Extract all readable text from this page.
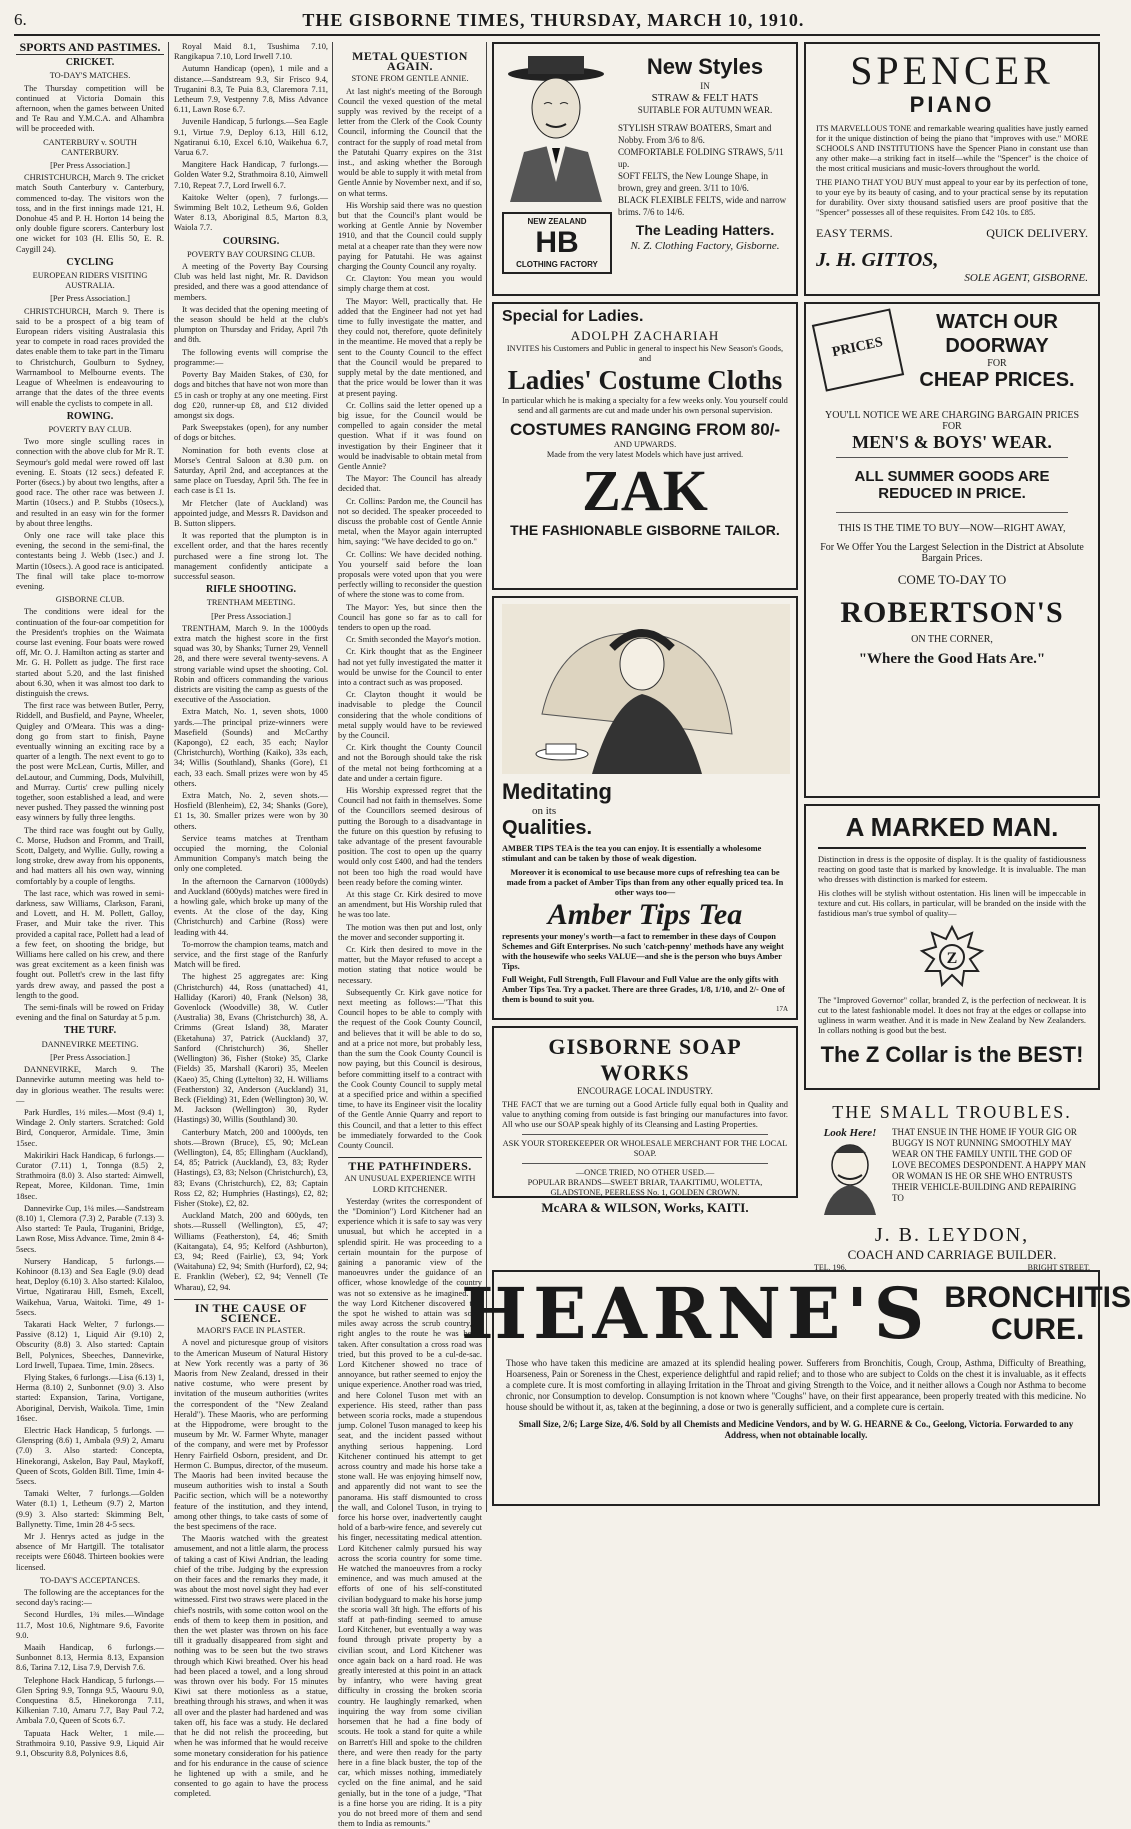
6.	THE GISBORNE TIMES, THURSDAY, MARCH 10, 1910.
SPORTS AND PASTIMES.
CRICKET.
TO-DAY'S MATCHES.

The Thursday competition will be continued at Victoria Domain this afternoon, when the games between United and Te Rau and Y.M.C.A. and Alhambra will be proceeded with.

CANTERBURY v. SOUTH CANTERBURY.
[Per Press Association.]

CHRISTCHURCH, March 9. The cricket match South Canterbury v. Canterbury, commenced to-day. The visitors won the toss, and in the first innings made 121, H. Donohue 45 and P. H. Horton 14 being the only double figure scorers. Canterbury lost one wicket for 103 (H. Ellis 50, E. R. Caygill 24).

CYCLING
EUROPEAN RIDERS VISITING AUSTRALIA.
[Per Press Association.]

CHRISTCHURCH, March 9. There is said to be a prospect of a big team of European riders visiting Australasia this year to compete in road races provided the dates enable them to take part in the Timaru to Christchurch, Goulburn to Sydney, Warrnambool to Melbourne events. The League of Wheelmen is endeavouring to arrange that the dates of the three events will enable the cyclists to compete in all.

ROWING.
POVERTY BAY CLUB.

Two more single sculling races in connection with the above club for Mr R. T. Seymour's gold medal were rowed off last evening. E. Stoats (12 secs.) defeated F. Porter (6secs.) by about two lengths, after a good race. The other race was between J. Martin (10secs.) and P. Stubbs (10secs.), and resulted in an easy win for the former by about three lengths.

Only one race will take place this evening, the second in the semi-final, the contestants being J. Webb (1sec.) and J. Martin (10secs.). A good race is anticipated. The final will take place to-morrow evening.

GISBORNE CLUB.

The conditions were ideal for the continuation of the four-oar competition for the President's trophies on the Waimata course last evening. Four boats were rowed off, Mr. O. J. Hamilton acting as starter and Mr. G. H. Pollett as judge. The first race started about 5.20, and the last finished about 6.30, when it was almost too dark to distinguish the crews.

The first race was between Butler, Perry, Riddell, and Busfield, and Payne, Wheeler, Quigley and O'Meara. This was a ding-dong go from start to finish, Payne eventually winning an exciting race by a quarter of a length. The next event to go to the post were McLean, Curtis, Miller, and deLautour, and Cumming, Dods, Mulvihill, and Murray. Curtis' crew pulling nicely together, soon established a lead, and were never pushed. They passed the winning post easy winners by fully three lengths.

The third race was fought out by Gully, C. Morse, Hudson and Fromm, and Traill, Scott, Dalgety, and Wyllie. Gully, rowing a long stroke, drew away from his opponents, and had matters all his own way, winning comfortably by a couple of lengths.

The last race, which was rowed in semi-darkness, saw Williams, Clarkson, Farani, and Lovett, and H. M. Pollett, Galloy, Fraser, and Muir take the river. This provided a capital race, Pollett had a lead of a few feet, on shooting the bridge, but Williams here called on his crew, and there was great excitement as a keen finish was fought out. Pollett's crew in the last fifty yards drew away, and passed the post a length to the good.

The semi-finals will be rowed on Friday evening and the final on Saturday at 5 p.m.

THE TURF.
DANNEVIRKE MEETING.
[Per Press Association.]

DANNEVIRKE, March 9. The Dannevirke autumn meeting was held to-day in glorious weather. The results were:—

Park Hurdles, 1½ miles.—Most (9.4) 1, Windage 2. Only starters. Scratched: Gold Bird, Conqueror, Armidale. Time, 3min 15sec.

Makirikiri Hack Handicap, 6 furlongs.—Curator (7.11) 1, Tonnga (8.5) 2, Strathmoira (8.0) 3. Also started: Aimwell, Repeat, Moree, Kildonan. Time, 1min 18sec.

Dannevirke Cup, 1¼ miles.—Sandstream (8.10) 1, Clemora (7.3) 2, Parable (7.13) 3. Also started: Te Paula, Truganini, Bridge, Lawn Rose, Miss Advance. Time, 2min 8 4-5secs.

Nursery Handicap, 5 furlongs.—Kohinoor (8.13) and Sea Eagle (9.0) dead heat, Deploy (6.10) 3. Also started: Kilaloo, Virtue, Ngatirarau Hill, Esmeh, Excell, Waikehua, Varua, Waitoki. Time, 49 1-5secs.

Takarati Hack Welter, 7 furlongs.—Passive (8.12) 1, Liquid Air (9.10) 2, Obscurity (8.8) 3. Also started: Captain Bell, Polynices, Sbeeches, Dannevirke, Lord Irwell, Tupaea. Time, 1min. 28secs.

Flying Stakes, 6 furlongs.—Lisa (6.13) 1, Herma (8.10) 2, Sunbonnet (9.0) 3. Also started: Expansion, Tarina, Vortigane, Aboriginal, Dervish, Waikola. Time, 1min 16sec.

Electric Hack Handicap, 5 furlongs. —Glenspring (8.6) 1, Ambala (9.9) 2, Amaru (7.0) 3. Also started: Concepta, Hinekorangi, Askelon, Bay Paul, Maykoff, Queen of Scots, Golden Bill. Time, 1min 4-5secs.

Tamaki Welter, 7 furlongs.—Golden Water (8.1) 1, Letheum (9.7) 2, Marton (9.9) 3. Also started: Skimming Belt, Ballynetty. Time, 1min 28 4-5 secs.

Mr J. Henrys acted as judge in the absence of Mr Hartgill. The totalisator receipts were £6048. Thirteen bookies were licensed.

TO-DAY'S ACCEPTANCES.

The following are the acceptances for the second day's racing:—

Second Hurdles, 1¾ miles.—Windage 11.7, Most 10.6, Nightmare 9.6, Favorite 9.0.

Maaih Handicap, 6 furlongs.—Sunbonnet 8.13, Hermia 8.13, Expansion 8.6, Tarina 7.12, Lisa 7.9, Dervish 7.6.

Telephone Hack Handicap, 5 furlongs.—Glen Spring 9.9, Tonnga 9.5, Waouru 9.0, Conquestina 8.5, Hinekoronga 7.11, Kilkenian 7.10, Amaru 7.7, Bay Paul 7.2, Ambala 7.0, Queen of Scots 6.7.

Tapuata Hack Welter, 1 mile.—Strathmoira 9.10, Passive 9.9, Liquid Air 9.1, Obscurity 8.8, Polynices 8.6,

Royal Maid 8.1, Tsushima 7.10, Rangikapua 7.10, Lord Irwell 7.10.

Autumn Handicap (open), 1 mile and a distance.—Sandstream 9.3, Sir Frisco 9.4, Truganini 8.3, Te Puia 8.3, Claremora 7.11, Letheum 7.9, Vestpenny 7.8, Miss Advance 6.11, Lawn Rose 6.7.

Juvenile Handicap, 5 furlongs.—Sea Eagle 9.1, Virtue 7.9, Deploy 6.13, Hill 6.12, Ngatiranui 6.10, Excel 6.10, Waikehua 6.7, Varua 6.7.

Mangitere Hack Handicap, 7 furlongs.—Golden Water 9.2, Strathmoira 8.10, Aimwell 7.10, Repeat 7.7, Lord Irwell 6.7.

Kaitoke Welter (open), 7 furlongs.—Swimming Belt 10.2, Letheum 9.6, Golden Water 8.13, Aboriginal 8.5, Marton 8.3, Waiola 7.7.

COURSING.
POVERTY BAY COURSING CLUB.

A meeting of the Poverty Bay Coursing Club was held last night, Mr. R. Davidson presided, and there was a good attendance of members.

It was decided that the opening meeting of the season should be held at the club's plumpton on Thursday and Friday, April 7th and 8th.

The following events will comprise the programme:—

Poverty Bay Maiden Stakes, of £30, for dogs and bitches that have not won more than £5 in cash or trophy at any one meeting. First dog £20, runner-up £8, and £12 divided amongst six dogs.

Park Sweepstakes (open), for any number of dogs or bitches.

Nomination for both events close at Morse's Central Saloon at 8.30 p.m. on Saturday, April 2nd, and acceptances at the same place on Tuesday, April 5th. The fee in each case is £1 1s.

Mr Fletcher (late of Auckland) was appointed judge, and Messrs R. Davidson and B. Sutton slippers.

It was reported that the plumpton is in excellent order, and that the hares recently purchased were a fine strong lot. The management confidently anticipate a successful season.

RIFLE SHOOTING.
TRENTHAM MEETING.
[Per Press Association.]

TRENTHAM, March 9. In the 1000yds extra match the highest score in the first squad was 30, by Shanks; Turner 29, Vennell 28, and there were several twenty-sevens. A strong variable wind upset the shooting. Col. Robin and officers commanding the various districts are visiting the camp as guests of the executive of the Association.

Extra Match, No. 1, seven shots, 1000 yards.—The principal prize-winners were Masefield (Sounds) and McCarthy (Kapongo), £2 each, 35 each; Naylor (Christchurch), Worthing (Kaiko), 33s each, 34; Willis (Southland), Shanks (Gore), £1 each, 33 each. Small prizes were won by 45 others.

Extra Match, No. 2, seven shots.—Hosfield (Blenheim), £2, 34; Shanks (Gore), £1 1s, 30. Smaller prizes were won by 30 others.

Service teams matches at Trentham occupied the morning, the Colonial Ammunition Company's match being the only one completed.

In the afternoon the Carnarvon (1000yds) and Auckland (600yds) matches were fired in a howling gale, which broke up many of the events. At the close of the day, King (Christchurch) and Carbine (Ross) were leading with 44.

To-morrow the champion teams, match and service, and the first stage of the Ranfurly Match will be fired.

The highest 25 aggregates are: King (Christchurch) 44, Ross (unattached) 41, Halliday (Karori) 40, Frank (Nelson) 38, Govenlock (Woodville) 38, W. Cutler (Australia) 38, Evans (Christchurch) 38, A. Crimms (Great Island) 38, Marater (Eketahuna) 37, Patrick (Auckland) 37, Sanford (Christchurch) 36, Sheller (Wellington) 36, Fisher (Stoke) 35, Clarke (Fields) 35, Marshall (Karori) 35, Meelen (Kaeo) 35, Ching (Lyttelton) 32, H. Williams (Featherston) 32, Anderson (Auckland) 31, Beck (Fielding) 31, Eden (Wellington) 30, W. M. Jackson (Wellington) 30, Ryder (Hastings) 30, Willis (Southland) 30.

Canterbury Match, 200 and 1000yds, ten shots.—Brown (Bruce), £5, 90; McLean (Wellington), £4, 85; Ellingham (Auckland), £4, 85; Patrick (Auckland), £3, 83; Ryder (Hastings), £3, 83; Nelson (Christchurch), £3, 83; Evans (Christchurch), £2, 83; Captain Ross £2, 82; Humphries (Hastings), £2, 82; Fisher (Stoke), £2, 82.

Auckland Match, 200 and 600yds, ten shots.—Russell (Wellington), £5, 47; Williams (Featherston), £4, 46; Smith (Kaitangata), £4, 95; Kelford (Ashburton), £3, 94; Reed (Fairlie), £3, 94; York (Waitahuna) £2, 94; Smith (Hurford), £2, 94; E. Franklin (Weber), £2, 94; Vennell (Te Wharau), £2, 94.

IN THE CAUSE OF SCIENCE.
MAORI'S FACE IN PLASTER.

A novel and picturesque group of visitors to the American Museum of Natural History at New York recently was a party of 36 Maoris from New Zealand, dressed in their native costume, who were present by invitation of the museum authorities (writes the correspondent of the "New Zealand Herald"). These Maoris, who are performing at the Hippodrome, were brought to the museum by Mr. W. Farmer Whyte, manager of the company, and were met by Professor Henry Fairfield Osborn, president, and Dr. Hermon C. Bumpus, director, of the museum. The Maoris had been invited because the museum authorities wish to instal a South Pacific section, which will be a noteworthy feature of the institution, and they intend, among other things, to take casts of some of the best specimens of the race.

The Maoris watched with the greatest amusement, and not a little alarm, the process of taking a cast of Kiwi Andrian, the leading chief of the tribe. Judging by the expression on their faces and the remarks they made, it was about the most novel sight they had ever witnessed. First two straws were placed in the chief's nostrils, with some cotton wool on the ends of them to keep them in position, and then the wet plaster was thrown on his face till it gradually disappeared from sight and nothing was to be seen but the two straws through which Kiwi breathed. Over his head had been placed a towel, and a long shroud was thrown over his body. For 15 minutes Kiwi sat there motionless as a statue, breathing through his straws, and when it was all over and the plaster had hardened and was taken off, his face was a study. He declared that he did not relish the proceeding, but when he was informed that he would receive some monetary consideration for his patience and for his endurance in the cause of science he lightened up with a smile, and he consented to go again to have the process completed.

METAL QUESTION AGAIN.
STONE FROM GENTLE ANNIE.

At last night's meeting of the Borough Council the vexed question of the metal supply was revived by the receipt of a letter from the Clerk of the Cook County Council, informing the Council that the contract for the supply of road metal from the Patutahi Quarry expires on the 31st inst., and asking whether the Borough would be able to supply it with metal from Gentle Annie by November next, and if so, on what terms.

His Worship said there was no question but that the Council's plant would be working at Gentle Annie by November 1910, and that the Council could supply metal at a cheaper rate than they were now paying for Patutahi. He was against charging the County Council any royalty.

Cr. Clayton: You mean you would simply charge them at cost.

The Mayor: Well, practically that. He added that the Engineer had not yet had time to fully investigate the matter, and they could not, therefore, quote definitely in the meantime. He moved that a reply be sent to the County Council to the effect that the Council would be prepared to supply metal by the date mentioned, and that the price would be lower than it was at present paying.

Cr. Collins said the letter opened up a big issue, for the Council would be compelled to again consider the metal question. What if it was found on investigation by their Engineer that it would be inadvisable to obtain metal from Gentle Annie?

The Mayor: The Council has already decided that.

Cr. Collins: Pardon me, the Council has not so decided. The speaker proceeded to discuss the probable cost of Gentle Annie metal, when the Mayor again interrupted him, saying: "We have decided to go on."

Cr. Collins: We have decided nothing. You yourself said before the loan proposals were voted upon that you were perfectly willing to reconsider the question of where the stone was to come from.

The Mayor: Yes, but since then the Council has gone so far as to call for tenders to open up the road.

Cr. Smith seconded the Mayor's motion.

Cr. Kirk thought that as the Engineer had not yet fully investigated the matter it would be unwise for the Council to enter into a contract such as was proposed.

Cr. Clayton thought it would be inadvisable to pledge the Council considering that the whole conditions of metal supply would have to be reviewed by the Council.

Cr. Kirk thought the County Council and not the Borough should take the risk of the metal not being forthcoming at a date and under a certain figure.

His Worship expressed regret that the Council had not faith in themselves. Some of the Councillors seemed desirous of putting the Borough to a disadvantage in the future on this question by refusing to take advantage of the present favourable position. The cost to open up the quarry would only cost £400, and had the tenders not been too high the road would have been ready before the coming winter.

At this stage Cr. Kirk desired to move an amendment, but His Worship ruled that he was too late.

The motion was then put and lost, only the mover and seconder supporting it.

Cr. Kirk then desired to move in the matter, but the Mayor refused to accept a motion stating that notice would be necessary.

Subsequently Cr. Kirk gave notice for next meeting as follows:—"That this Council hopes to be able to comply with the request of the Cook County Council, and believes that it will be able to do so, and at a price not more, but probably less, than the sum the Cook County Council is now paying, but this Council is desirous, before committing itself to a contract with the Cook County Council to supply metal at a specified price and within a specified time, to have its Engineer visit the locality of the Gentle Annie Quarry and report to this Council, and that a letter to this effect be immediately forwarded to the Cook County Council.

THE PATHFINDERS.
AN UNUSUAL EXPERIENCE WITH LORD KITCHENER.

Yesterday (writes the correspondent of the "Dominion") Lord Kitchener had an experience which it is safe to say was very unusual, but which he accepted in a splendid spirit. He was proceeding to a certain mountain for the purpose of gaining a panoramic view of the manoeuvres under the guidance of an officer, whose knowledge of the country was not so extensive as he imagined. On the way Lord Kitchener discovered that the spot he wished to attain was some miles away across the scrub country, at right angles to the route he was being taken. After consultation a cross road was tried, but this proved to be a cul-de-sac. Lord Kitchener showed no trace of annoyance, but rather seemed to enjoy the unique experience. Another road was tried, and here Colonel Tuson met with an experience. His steed, rather than pass between scoria rocks, made a stupendous jump. Colonel Tuson managed to keep his seat, and the incident passed without anything serious happening. Lord Kitchener continued his attempt to get across country and made his horse take a stone wall. He was enjoying himself now, and apparently did not want to see the panorama. His staff dismounted to cross the wall, and Colonel Tuson, in trying to force his horse over, inadvertently caught hold of a barb-wire fence, and severely cut his finger, necessitating medical attention. Lord Kitchener calmly pursued his way across the scoria country for some time. He watched the manoeuvres from a rocky eminence, and was much amused at the efforts of one of his self-constituted civilian bodyguard to make his horse jump the scoria wall 3ft high. The efforts of his staff at path-finding seemed to amuse Lord Kitchener, but eventually a way was found through private property by a civilian scout, and Lord Kitchener was once again back on a hard road. He was greatly interested at this point in an attack by infantry, who were having great difficulty in crossing the broken scoria country. He laughingly remarked, when inquiring the way from some civilian horsemen that he had a fine body of scouts. He took a stand for quite a while on Barrett's Hill and spoke to the children there, and were then ready for the party here in a fine black buster, the top of the car, which misses nothing, immediately cycled on the fine animal, and he said genially, but in the tone of a judge, "That is a fine horse you are riding. It is a pity you do not breed more of them and send them to India as remounts."

NEW ZEALAND
HB
CLOTHING FACTORY
New Styles
IN
STRAW & FELT HATS
SUITABLE FOR AUTUMN WEAR.
STYLISH STRAW BOATERS, Smart and Nobby. From 3/6 to 8/6.
COMFORTABLE FOLDING STRAWS, 5/11 up.
SOFT FELTS, the New Lounge Shape, in brown, grey and green. 3/11 to 10/6.
BLACK FLEXIBLE FELTS, wide and narrow brims. 7/6 to 14/6.
The Leading Hatters.
N. Z. Clothing Factory, Gisborne.
SPENCER
PIANO
ITS MARVELLOUS TONE and remarkable wearing qualities have justly earned for it the unique distinction of being the piano that "improves with use." MORE SCHOOLS AND INSTITUTIONS have the Spencer Piano in constant use than any other make—a striking fact in itself—while the "Spencer" is the choice of the most critical musicians and music-lovers throughout the world.
THE PIANO THAT YOU BUY must appeal to your ear by its perfection of tone, to your eye by its beauty of casing, and to your practical sense by its reputation for durability. Over sixty thousand satisfied users are proof positive that the "Spencer" possesses all of these requisites. From £42 10s. to £85.
EASY TERMS.	QUICK DELIVERY.
J. H. GITTOS,
SOLE AGENT, GISBORNE.
Special for Ladies.
ADOLPH ZACHARIAH
INVITES his Customers and Public in general to inspect his New Season's Goods, and
Ladies' Costume Cloths
In particular which he is making a specialty for a few weeks only. You yourself could send and all garments are cut and made under his own personal supervision.
COSTUMES RANGING FROM 80/-
AND UPWARDS.
Made from the very latest Models which have just arrived.
ZAK
THE FASHIONABLE GISBORNE TAILOR.
PRICES
WATCH OUR
DOORWAY
FOR
CHEAP PRICES.
YOU'LL NOTICE WE ARE CHARGING BARGAIN PRICES
FOR
MEN'S & BOYS' WEAR.
ALL SUMMER GOODS ARE REDUCED IN PRICE.
THIS IS THE TIME TO BUY—NOW—RIGHT AWAY,
For We Offer You the Largest Selection in the District at Absolute Bargain Prices.
COME TO-DAY TO
ROBERTSON'S
ON THE CORNER,
"Where the Good Hats Are."
Meditating
on its
Qualities.
AMBER TIPS TEA is the tea you can enjoy. It is essentially a wholesome stimulant and can be taken by those of weak digestion.
Moreover it is economical to use because more cups of refreshing tea can be made from a packet of Amber Tips than from any other equally priced tea. In other ways too—
Amber Tips Tea
represents your money's worth—a fact to remember in these days of Coupon Schemes and Gift Enterprises. No such 'catch-penny' methods have any weight with the housewife who seeks VALUE—and she is the person who buys Amber Tips.
Full Weight, Full Strength, Full Flavour and Full Value are the only gifts with Amber Tips Tea. Try a packet. There are three Grades, 1/8, 1/10, and 2/- One of them is bound to suit you.
17A
A MARKED MAN.
Distinction in dress is the opposite of display. It is the quality of fastidiousness reacting on good taste that is marked by knowledge. It is invaluable. The man who dresses with distinction is marked for esteem.
His clothes will be stylish without ostentation. His linen will be impeccable in texture and cut. His collars, in particular, will be branded on the inside with the fastidious man's true symbol of quality—
Z
The "Improved Governor" collar, branded Z, is the perfection of neckwear. It is cut to the latest fashionable model. It does not fray at the edges or collapse into ugliness in warm weather. And it is made in New Zealand by New Zealanders. In collars nothing is good but the best.
The Z Collar is the BEST!
GISBORNE SOAP WORKS
ENCOURAGE LOCAL INDUSTRY.
THE FACT that we are turning out a Good Article fully equal both in Quality and value to anything coming from outside is fast bringing our manufactures into favor. All who use our SOAP speak highly of its Cleansing and Lasting Properties.
ASK YOUR STOREKEEPER OR WHOLESALE MERCHANT FOR THE LOCAL SOAP.
—ONCE TRIED, NO OTHER USED.—
POPULAR BRANDS—SWEET BRIAR, TAAKITIMU, WOLETTA, GLADSTONE, PEERLESS No. 1, GOLDEN CROWN.
McARA & WILSON, Works, KAITI.
THE SMALL TROUBLES.
Look Here!	THAT ENSUE IN THE HOME IF YOUR GIG OR BUGGY IS NOT RUNNING SMOOTHLY MAY WEAR ON THE FAMILY UNTIL THE GOD OF LOVE BECOMES DESPONDENT. A HAPPY MAN OR WOMAN IS HE OR SHE WHO ENTRUSTS THEIR VEHICLE-BUILDING AND REPAIRING TO
J. B. LEYDON,
COACH AND CARRIAGE BUILDER.
TEL. 196.	BRIGHT STREET.
HEARNE'S BRONCHITIS
CURE.
Those who have taken this medicine are amazed at its splendid healing power. Sufferers from Bronchitis, Cough, Croup, Asthma, Difficulty of Breathing, Hoarseness, Pain or Soreness in the Chest, experience delightful and rapid relief; and to those who are subject to Colds on the chest it is invaluable, as it effects a complete cure. It is most comforting in allaying Irritation in the Throat and giving Strength to the Voice, and it neither allows a Cough nor Asthma to become chronic, nor Consumption to develop. Consumption is not known where "Coughs" have, on their first appearance, been properly treated with this medicine. No house should be without it, as, taken at the beginning, a dose or two is generally sufficient, and a complete cure is certain.
Small Size, 2/6; Large Size, 4/6. Sold by all Chemists and Medicine Vendors, and by W. G. HEARNE & Co., Geelong, Victoria. Forwarded to any Address, when not obtainable locally.
